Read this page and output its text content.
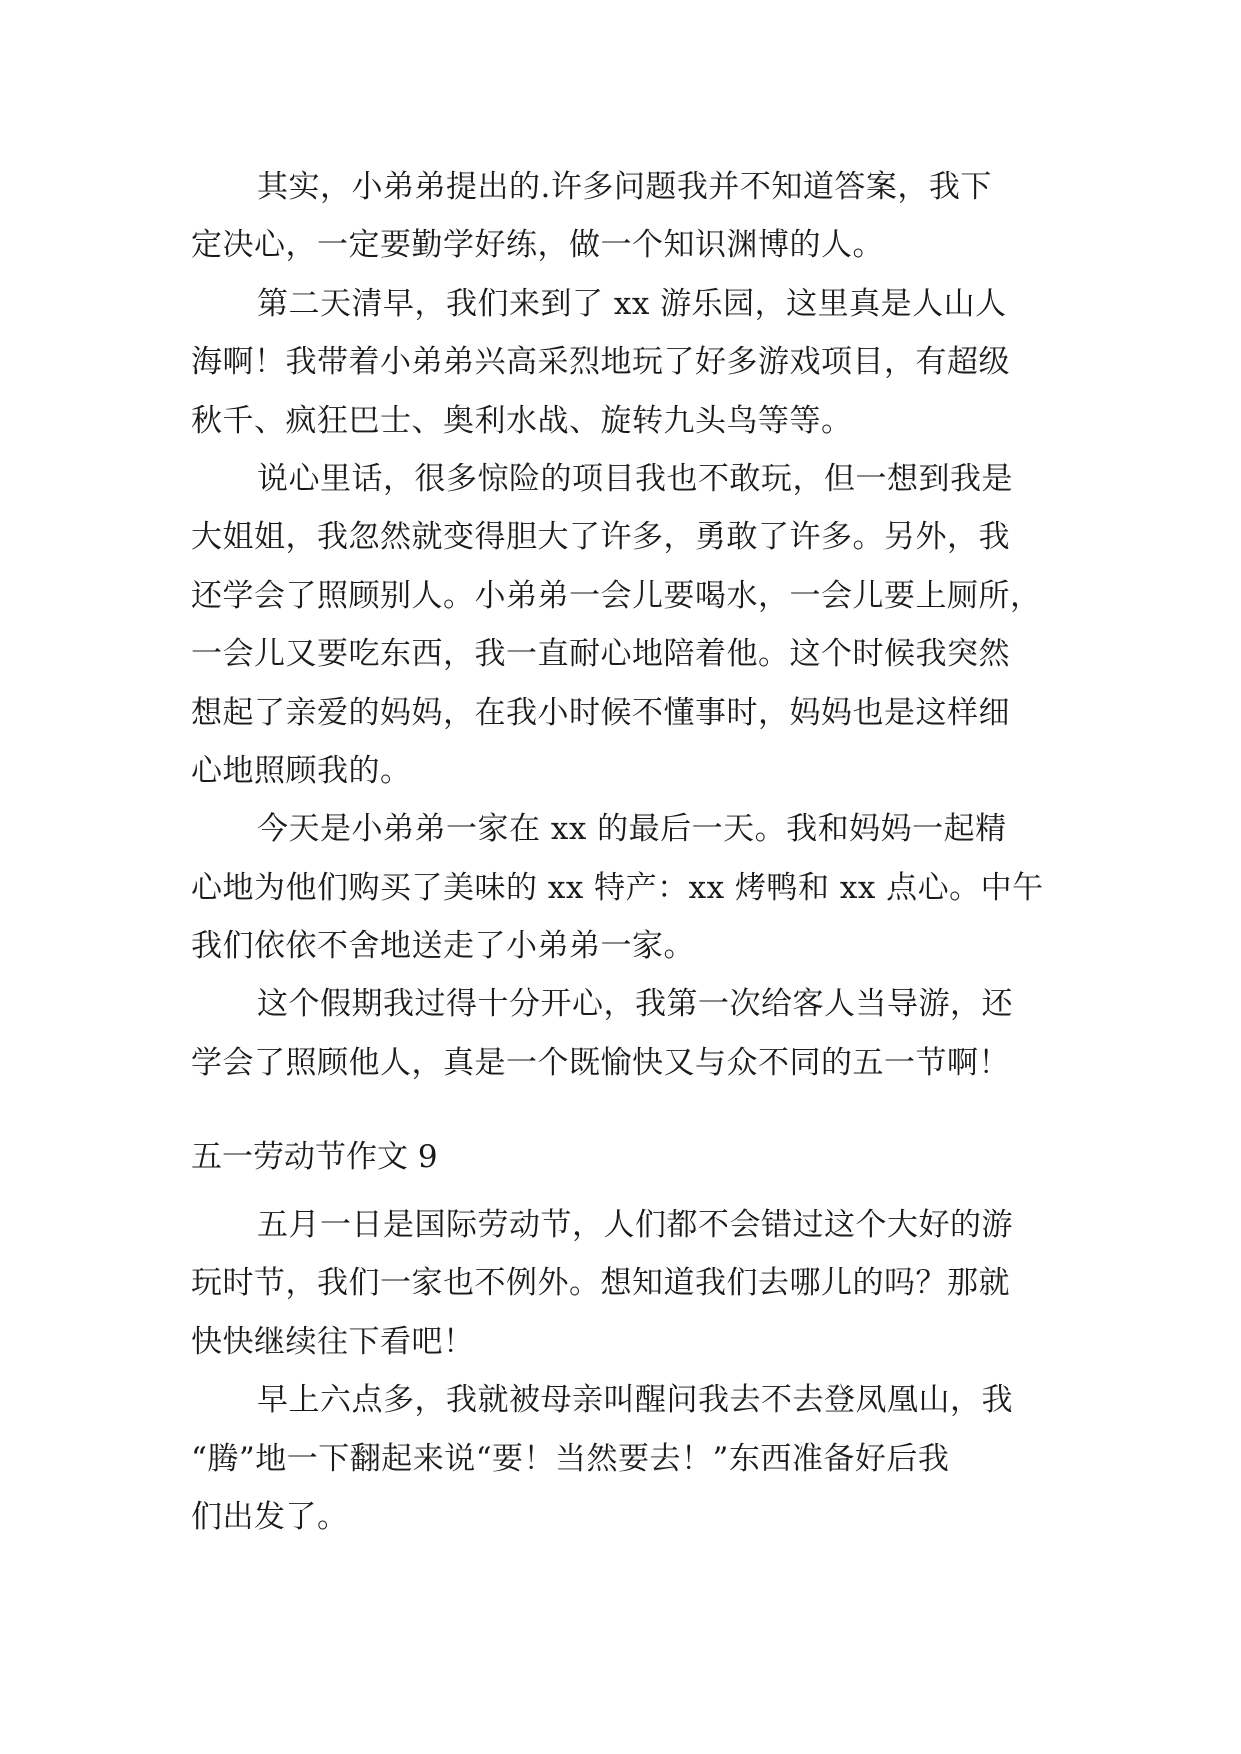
其实，小弟弟提出的.许多问题我并不知道答案，我下
定决心，一定要勤学好练，做一个知识渊博的人。
第二天清早，我们来到了 xx 游乐园，这里真是人山人
海啊！我带着小弟弟兴高采烈地玩了好多游戏项目，有超级
秋千、疯狂巴士、奥利水战、旋转九头鸟等等。
说心里话，很多惊险的项目我也不敢玩，但一想到我是
大姐姐，我忽然就变得胆大了许多，勇敢了许多。另外，我
还学会了照顾别人。小弟弟一会儿要喝水，一会儿要上厕所，
一会儿又要吃东西，我一直耐心地陪着他。这个时候我突然
想起了亲爱的妈妈，在我小时候不懂事时，妈妈也是这样细
心地照顾我的。
今天是小弟弟一家在 xx 的最后一天。我和妈妈一起精
心地为他们购买了美味的 xx 特产：xx 烤鸭和 xx 点心。中午
我们依依不舍地送走了小弟弟一家。
这个假期我过得十分开心，我第一次给客人当导游，还
学会了照顾他人，真是一个既愉快又与众不同的五一节啊！
五一劳动节作文 9
五月一日是国际劳动节，人们都不会错过这个大好的游
玩时节，我们一家也不例外。想知道我们去哪儿的吗？那就
快快继续往下看吧！
早上六点多，我就被母亲叫醒问我去不去登凤凰山，我
“腾”地一下翻起来说“要！当然要去！”东西准备好后我
们出发了。
